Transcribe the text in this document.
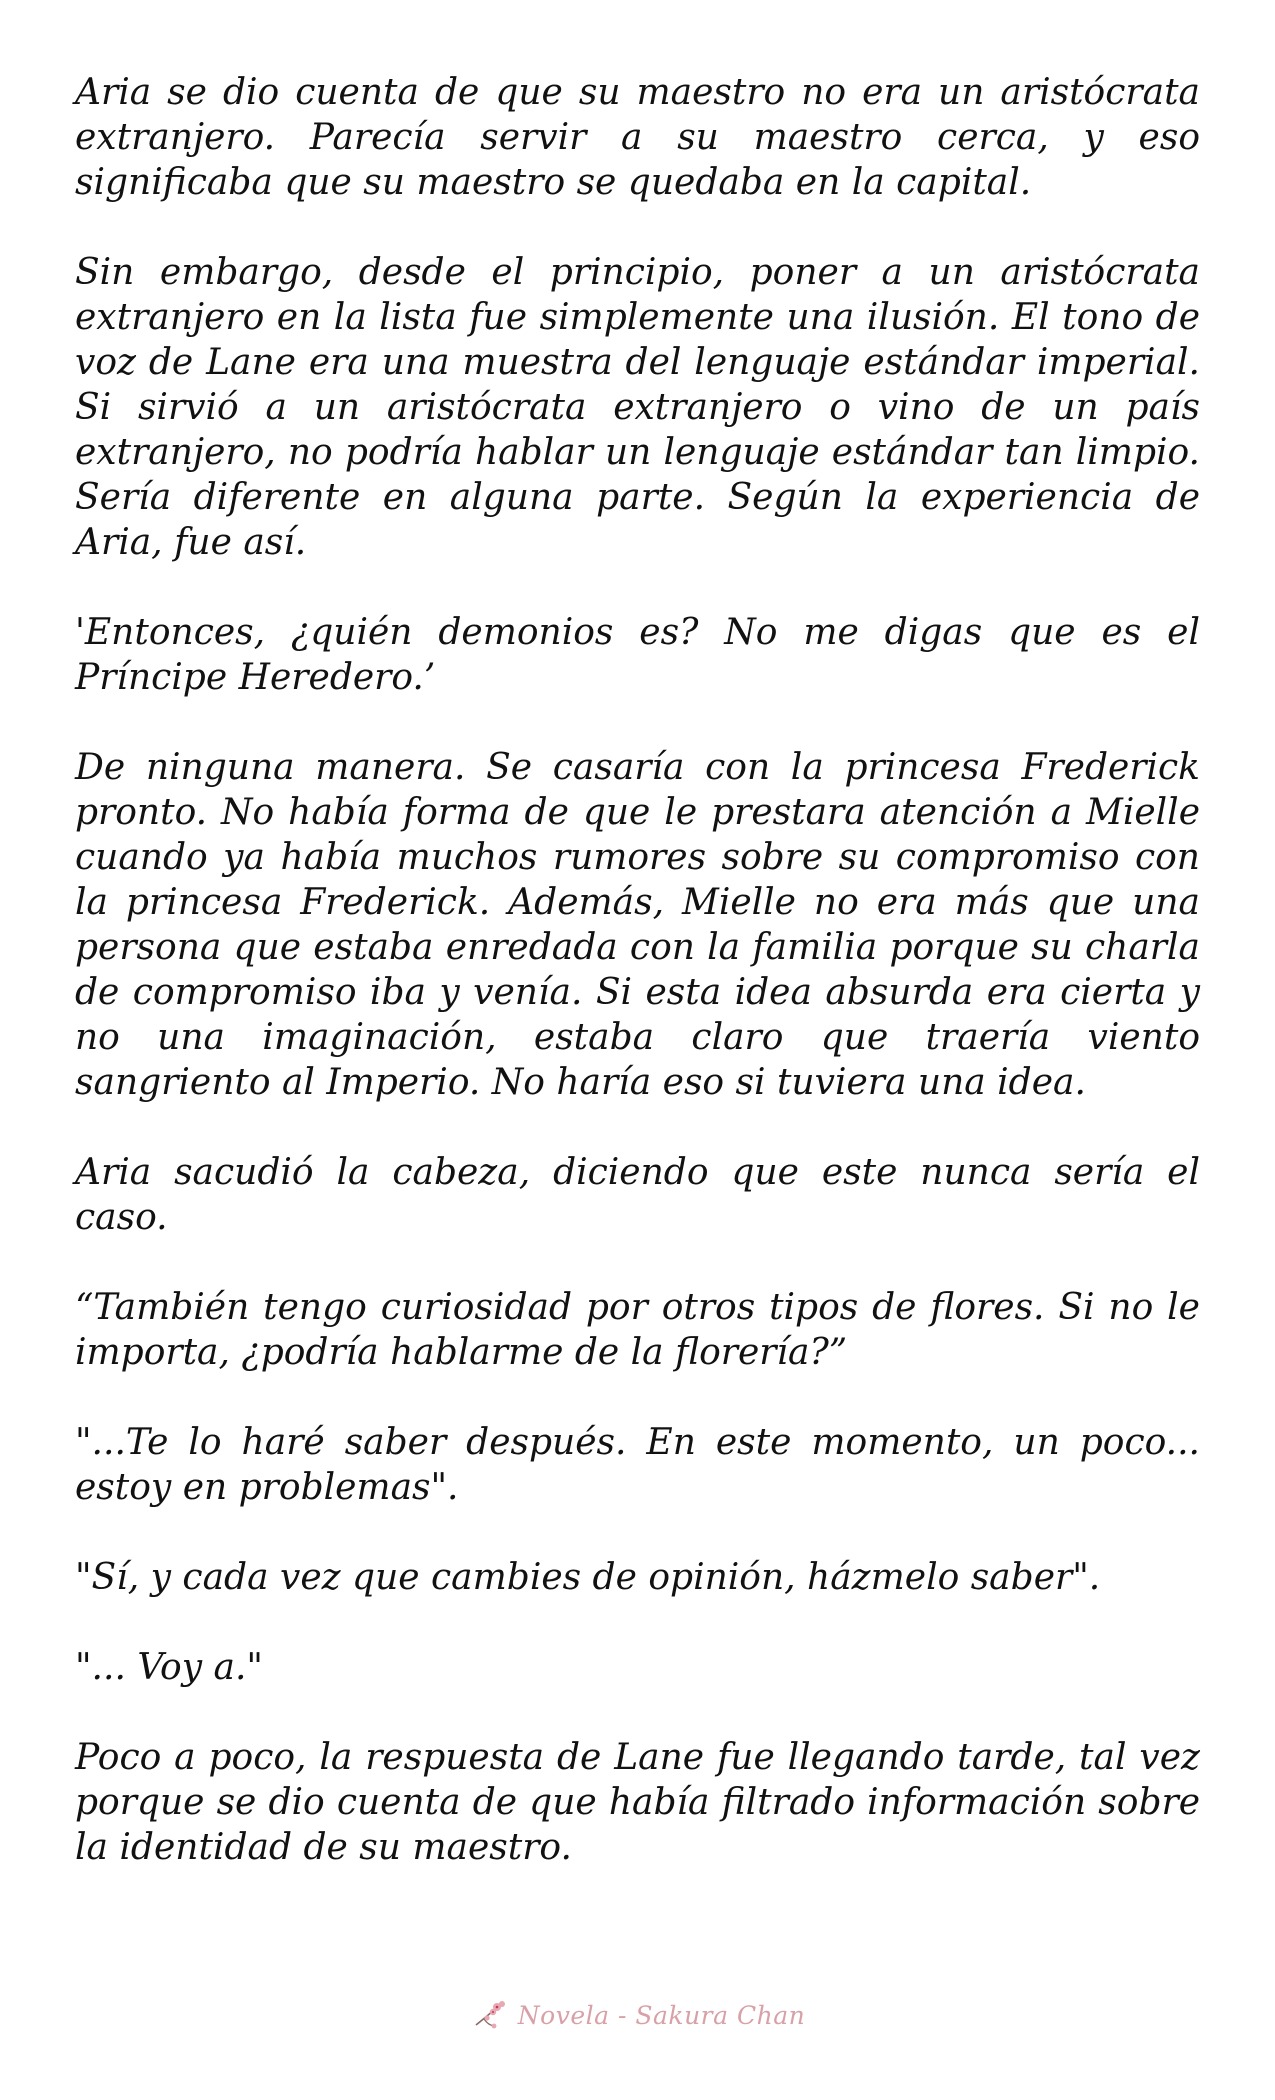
Aria se dio cuenta de que su maestro no era un aristócrata extranjero. Parecía servir a su maestro cerca, y eso significaba que su maestro se quedaba en la capital.

Sin embargo, desde el principio, poner a un aristócrata extranjero en la lista fue simplemente una ilusión. El tono de voz de Lane era una muestra del lenguaje estándar imperial. Si sirvió a un aristócrata extranjero o vino de un país extranjero, no podría hablar un lenguaje estándar tan limpio. Sería diferente en alguna parte. Según la experiencia de Aria, fue así.

'Entonces, ¿quién demonios es? No me digas que es el Príncipe Heredero.’

De ninguna manera. Se casaría con la princesa Frederick pronto. No había forma de que le prestara atención a Mielle cuando ya había muchos rumores sobre su compromiso con la princesa Frederick. Además, Mielle no era más que una persona que estaba enredada con la familia porque su charla de compromiso iba y venía. Si esta idea absurda era cierta y no una imaginación, estaba claro que traería viento sangriento al Imperio. No haría eso si tuviera una idea.

Aria sacudió la cabeza, diciendo que este nunca sería el caso.

“También tengo curiosidad por otros tipos de flores. Si no le importa, ¿podría hablarme de la florería?”

"...Te lo haré saber después. En este momento, un poco... estoy en problemas".

"Sí, y cada vez que cambies de opinión, házmelo saber".

"... Voy a."

Poco a poco, la respuesta de Lane fue llegando tarde, tal vez porque se dio cuenta de que había filtrado información sobre la identidad de su maestro.

Novela - Sakura Chan
